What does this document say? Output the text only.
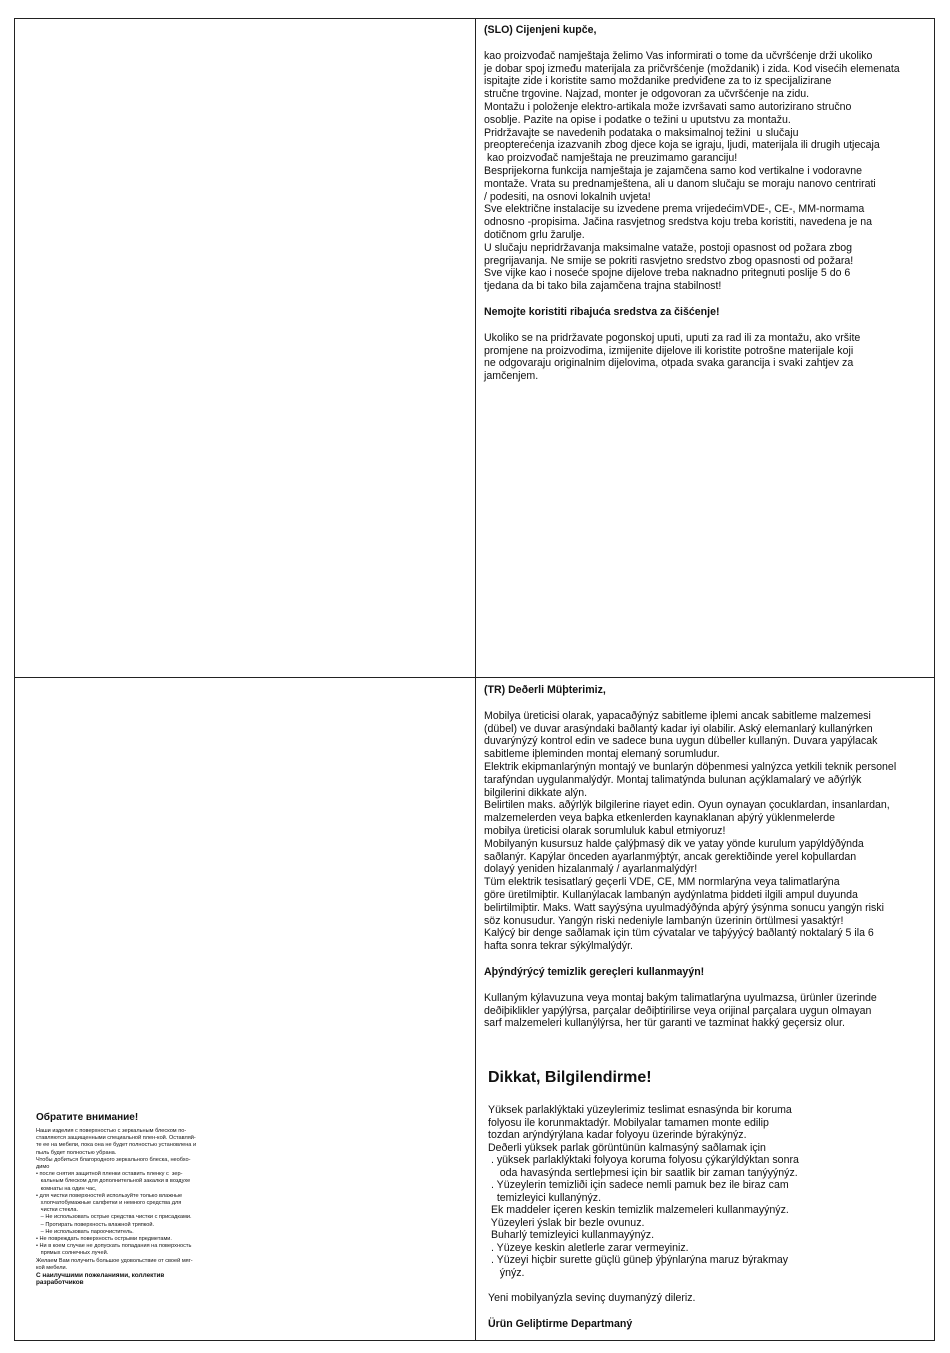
(SLO) Cijenjeni kupče,

kao proizvođač namještaja želimo Vas informirati o tome da učvršćenje drži ukoliko

je dobar spoj između materijala za pričvršćenje (moždanik) i zida. Kod visećih elemenata

ispitajte zide i koristite samo moždanike predviđene za to iz specijalizirane

stručne trgovine. Najzad, monter je odgovoran za učvršćenje na zidu.

Montažu i položenje elektro-artikala može izvršavati samo autorizirano stručno

osoblje. Pazite na opise i podatke o težini u uputstvu za montažu.

Pridržavajte se navedenih podataka o maksimalnoj težini  u slučaju

preopterećenja izazvanih zbog djece koja se igraju, ljudi, materijala ili drugih utjecaja

kao proizvođač namještaja ne preuzimamo garanciju!

Besprijekorna funkcija namještaja je zajamčena samo kod vertikalne i vodoravne

montaže. Vrata su prednamještena, ali u danom slučaju se moraju nanovo centrirati

/ podesiti, na osnovi lokalnih uvjeta!

Sve električne instalacije su izvedene prema vrijedećimVDE-, CE-, MM-normama

odnosno -propisima. Jačina rasvjetnog sredstva koju treba koristiti, navedena je na

dotičnom grlu žarulje.

U slučaju nepridržavanja maksimalne vataže, postoji opasnost od požara zbog

pregrijavanja. Ne smije se pokriti rasvjetno sredstvo zbog opasnosti od požara!

Sve vijke kao i noseće spojne dijelove treba naknadno pritegnuti poslije 5 do 6

tjedana da bi tako bila zajamčena trajna stabilnost!

Nemojte koristiti ribajuća sredstva za čišćenje!

Ukoliko se na pridržavate pogonskoj uputi, uputi za rad ili za montažu, ako vršite

promjene na proizvodima, izmijenite dijelove ili koristite potrošne materijale koji

ne odgovaraju originalnim dijelovima, otpada svaka garancija i svaki zahtjev za

jamčenjem.

(TR) Deðerli Müþterimiz,

Mobilya üreticisi olarak, yapacaðýnýz sabitleme iþlemi ancak sabitleme malzemesi

(dübel) ve duvar arasýndaki baðlantý kadar iyi olabilir. Aský elemanlarý kullanýrken

duvarýnýzý kontrol edin ve sadece buna uygun dübeller kullanýn. Duvara yapýlacak

sabitleme iþleminden montaj elemaný sorumludur.

Elektrik ekipmanlarýnýn montajý ve bunlarýn döþenmesi yalnýzca yetkili teknik personel

tarafýndan uygulanmalýdýr. Montaj talimatýnda bulunan açýklamalarý ve aðýrlýk

bilgilerini dikkate alýn.

Belirtilen maks. aðýrlýk bilgilerine riayet edin. Oyun oynayan çocuklardan, insanlardan,

malzemelerden veya baþka etkenlerden kaynaklanan aþýrý yüklenmelerde

mobilya üreticisi olarak sorumluluk kabul etmiyoruz!

Mobilyanýn kusursuz halde çalýþmasý dik ve yatay yönde kurulum yapýldýðýnda

saðlanýr. Kapýlar önceden ayarlanmýþtýr, ancak gerektiðinde yerel koþullardan

dolayý yeniden hizalanmalý / ayarlanmalýdýr!

Tüm elektrik tesisatlarý geçerli VDE, CE, MM normlarýna veya talimatlarýna

göre üretilmiþtir. Kullanýlacak lambanýn aydýnlatma þiddeti ilgili ampul duyunda

belirtilmiþtir. Maks. Watt sayýsýna uyulmadýðýnda aþýrý ýsýnma sonucu yangýn riski

söz konusudur. Yangýn riski nedeniyle lambanýn üzerinin örtülmesi yasaktýr!

Kalýcý bir denge saðlamak için tüm cývatalar ve taþýyýcý baðlantý noktalarý 5 ila 6

hafta sonra tekrar sýkýlmalýdýr.

Aþýndýrýcý temizlik gereçleri kullanmayýn!

Kullaným kýlavuzuna veya montaj bakým talimatlarýna uyulmazsa, ürünler üzerinde

deðiþiklikler yapýlýrsa, parçalar deðiþtirilirse veya orijinal parçalara uygun olmayan

sarf malzemeleri kullanýlýrsa, her tür garanti ve tazminat hakký geçersiz olur.

Dikkat, Bilgilendirme!

Yüksek parlaklýktaki yüzeylerimiz teslimat esnasýnda bir koruma

folyosu ile korunmaktadýr. Mobilyalar tamamen monte edilip

tozdan arýndýrýlana kadar folyoyu üzerinde býrakýnýz.

Deðerli yüksek parlak görüntünün kalmasýný saðlamak için

. yüksek parlaklýktaki folyoya koruma folyosu çýkarýldýktan sonra

oda havasýnda sertleþmesi için bir saatlik bir zaman tanýyýnýz.

. Yüzeylerin temizliði için sadece nemli pamuk bez ile biraz cam

temizleyici kullanýnýz.

Ek maddeler içeren keskin temizlik malzemeleri kullanmayýnýz.

Yüzeyleri ýslak bir bezle ovunuz.

Buharlý temizleyici kullanmayýnýz.

. Yüzeye keskin aletlerle zarar vermeyiniz.

. Yüzeyi hiçbir surette güçlü güneþ ýþýnlarýna maruz býrakmay

ýnýz.

Yeni mobilyanýzla sevinç duymanýzý dileriz.

Ürün Geliþtirme Departmaný

Обратите внимание!

Наши изделия с поверхностью с зеркальным блеском по-

ставляются защищенными специальной плен-кой. Оставляй-

те ее на мебели, пока она не будет полностью установлена и

пыль будет полностью убрана.

Чтобы добиться благородного зеркального блеска, необхо-

димо

• после снятия защитной пленки оставить пленку с  зер-

кальным блеском для дополнительной закалки в воздухе

комнаты на один час,

• для чистки поверхностей используйте только влажные

хлопчатобумажные салфетки и немного средства для

чистки стекла.

– Не использовать острые средства чистки с присадками.

– Протирать поверхность влажной тряпкой.

– Не использовать пароочиститель.

• Не повреждать поверхность острыми предметами.

• Ни в коем случае не допускать попадания на поверхность

прямых солнечных лучей.

Желаем Вам получить большое удовольствие от своей мяг-

кой мебели.

С наилучшими пожеланиями, коллектив

разработчиков
